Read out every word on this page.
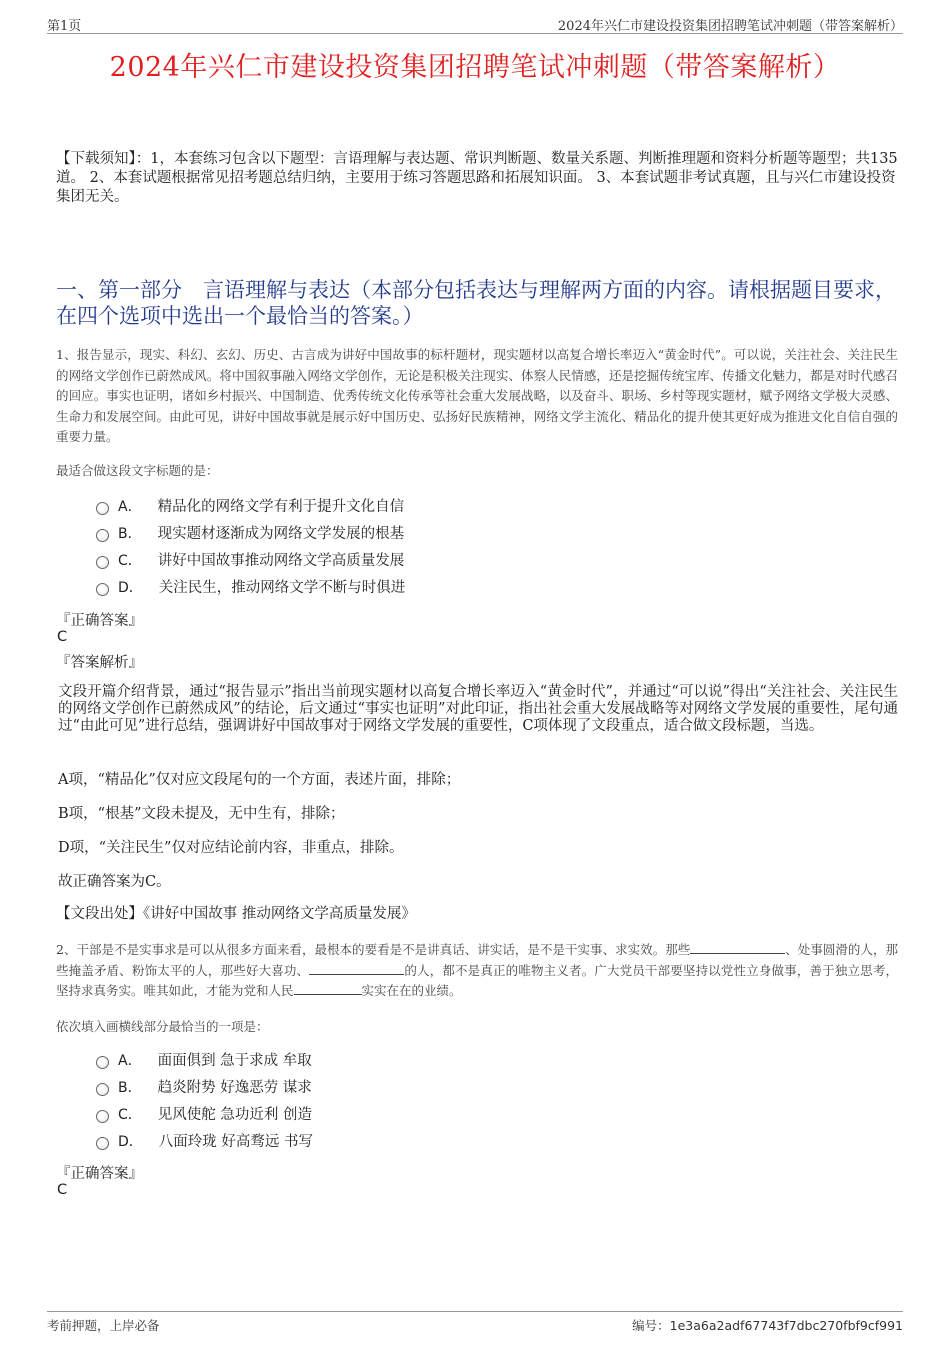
第1页	2024年兴仁市建设投资集团招聘笔试冲刺题（带答案解析）
2024年兴仁市建设投资集团招聘笔试冲刺题（带答案解析）
【下载须知】：1，本套练习包含以下题型：言语理解与表达题、常识判断题、数量关系题、判断推理题和资料分析题等题型；共135道。 2、本套试题根据常见招考题总结归纳，主要用于练习答题思路和拓展知识面。 3、本套试题非考试真题，且与兴仁市建设投资集团无关。
一、第一部分　言语理解与表达（本部分包括表达与理解两方面的内容。请根据题目要求，在四个选项中选出一个最恰当的答案。）
1、报告显示，现实、科幻、玄幻、历史、古言成为讲好中国故事的标杆题材，现实题材以高复合增长率迈入“黄金时代”。可以说，关注社会、关注民生的网络文学创作已蔚然成风。将中国叙事融入网络文学创作，无论是积极关注现实、体察人民情感，还是挖掘传统宝库、传播文化魅力，都是对时代感召的回应。事实也证明，诸如乡村振兴、中国制造、优秀传统文化传承等社会重大发展战略，以及奋斗、职场、乡村等现实题材，赋予网络文学极大灵感、生命力和发展空间。由此可见，讲好中国故事就是展示好中国历史、弘扬好民族精神，网络文学主流化、精品化的提升使其更好成为推进文化自信自强的重要力量。
最适合做这段文字标题的是：
A． 精品化的网络文学有利于提升文化自信
B． 现实题材逐渐成为网络文学发展的根基
C． 讲好中国故事推动网络文学高质量发展
D． 关注民生，推动网络文学不断与时俱进
『正确答案』
C
『答案解析』
文段开篇介绍背景，通过“报告显示”指出当前现实题材以高复合增长率迈入“黄金时代”，并通过“可以说”得出“关注社会、关注民生的网络文学创作已蔚然成风”的结论，后文通过“事实也证明”对此印证，指出社会重大发展战略等对网络文学发展的重要性，尾句通过“由此可见”进行总结，强调讲好中国故事对于网络文学发展的重要性，C项体现了文段重点，适合做文段标题，当选。
A项，“精品化”仅对应文段尾句的一个方面，表述片面，排除；
B项，“根基”文段未提及，无中生有，排除；
D项，“关注民生”仅对应结论前内容，非重点，排除。
故正确答案为C。
【文段出处】《讲好中国故事 推动网络文学高质量发展》
2、干部是不是实事求是可以从很多方面来看，最根本的要看是不是讲真话、讲实话，是不是干实事、求实效。那些	、处事圆滑的人，那些掩盖矛盾、粉饰太平的人，那些好大喜功、	的人，都不是真正的唯物主义者。广大党员干部要坚持以党性立身做事，善于独立思考，坚持求真务实。唯其如此，才能为党和人民	实实在在的业绩。
依次填入画横线部分最恰当的一项是：
A． 面面俱到 急于求成 牟取
B． 趋炎附势 好逸恶劳 谋求
C． 见风使舵 急功近利 创造
D． 八面玲珑 好高骛远 书写
『正确答案』
C
考前押题，上岸必备	编号：1e3a6a2adf67743f7dbc270fbf9cf991
